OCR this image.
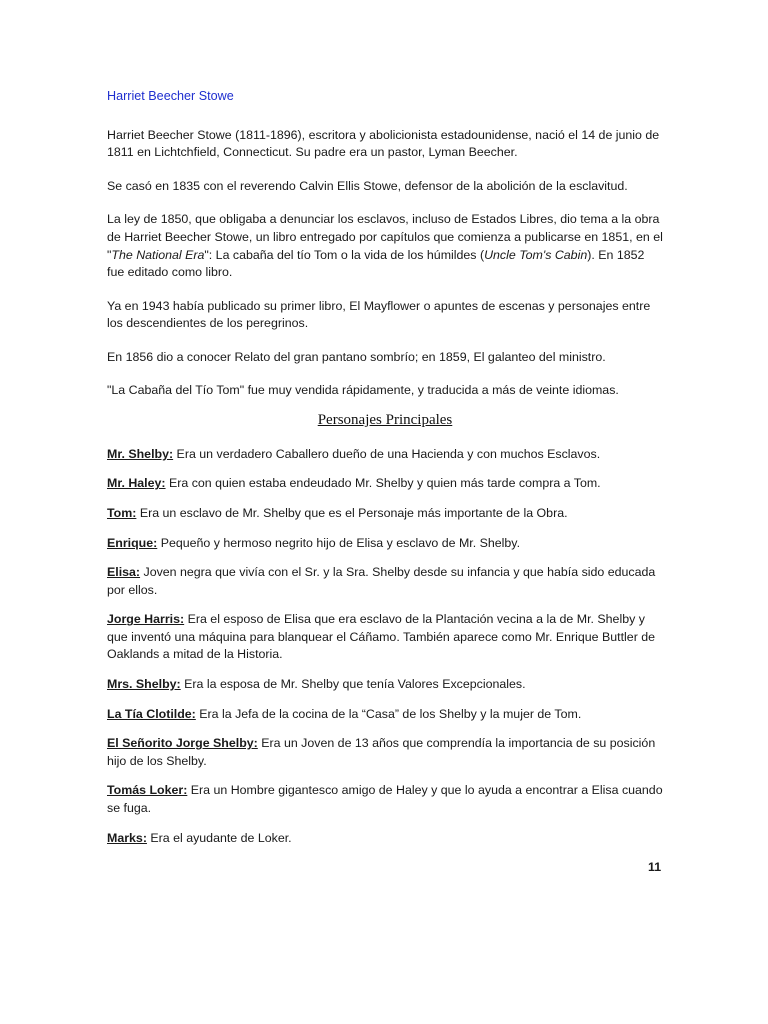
Harriet Beecher Stowe

Harriet Beecher Stowe (1811-1896), escritora y abolicionista estadounidense, nació el 14 de junio de 1811 en Lichtchfield, Connecticut. Su padre era un pastor, Lyman Beecher.

Se casó en 1835 con el reverendo Calvin Ellis Stowe, defensor de la abolición de la esclavitud.

La ley de 1850, que obligaba a denunciar los esclavos, incluso de Estados Libres, dio tema a la obra de Harriet Beecher Stowe, un libro entregado por capítulos que comienza a publicarse en 1851, en el "The National Era": La cabaña del tío Tom o la vida de los húmildes (Uncle Tom's Cabin). En 1852 fue editado como libro.

Ya en 1943 había publicado su primer libro, El Mayflower o apuntes de escenas y personajes entre los descendientes de los peregrinos.

En 1856 dio a conocer Relato del gran pantano sombrío; en 1859, El galanteo del ministro.

"La Cabaña del Tío Tom" fue muy vendida rápidamente, y traducida a más de veinte idiomas.

Personajes Principales

Mr. Shelby: Era un verdadero Caballero dueño de una Hacienda y con muchos Esclavos.

Mr. Haley: Era con quien estaba endeudado Mr. Shelby y quien más tarde compra a Tom.

Tom: Era un esclavo de Mr. Shelby que es el Personaje más importante de la Obra.

Enrique: Pequeño y hermoso negrito hijo de Elisa y esclavo de Mr. Shelby.

Elisa: Joven negra que vivía con el Sr. y la Sra. Shelby desde su infancia y que había sido educada por ellos.

Jorge Harris: Era el esposo de Elisa que era esclavo de la Plantación vecina a la de Mr. Shelby y que inventó una máquina para blanquear el Cáñamo. También aparece como Mr. Enrique Buttler de Oaklands a mitad de la Historia.

Mrs. Shelby: Era la esposa de Mr. Shelby que tenía Valores Excepcionales.

La Tía Clotilde: Era la Jefa de la cocina de la “Casa” de los Shelby y la mujer de Tom.

El Señorito Jorge Shelby: Era un Joven de 13 años que comprendía la importancia de su posición hijo de los Shelby.

Tomás Loker: Era un Hombre gigantesco amigo de Haley y que lo ayuda a encontrar a Elisa cuando se fuga.

Marks: Era el ayudante de Loker.

11
